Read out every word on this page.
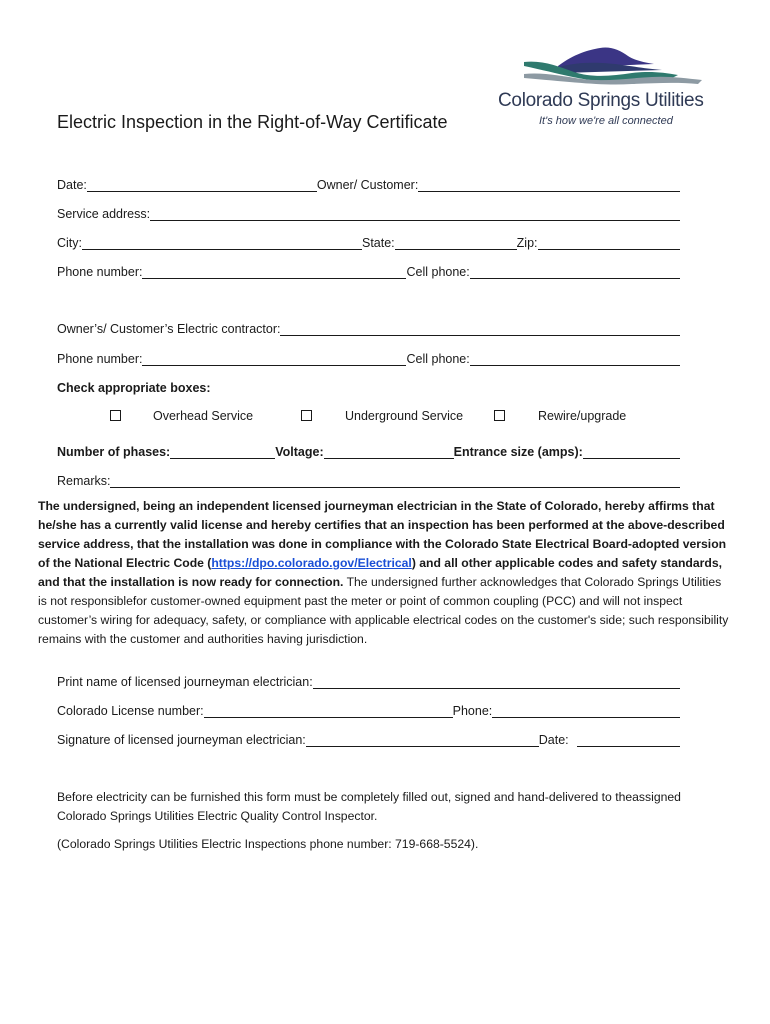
Colorado Springs Utilities
It's how we're all connected
Electric Inspection in the Right-of-Way Certificate
Date:	Owner/ Customer:
Service address:
City:	State:	Zip:
Phone number:	Cell phone:
Owner’s/ Customer’s Electric contractor:
Phone number:	Cell phone:
Check appropriate boxes:
Overhead Service	Underground Service	Rewire/upgrade
Number of phases:	Voltage:	Entrance size (amps):
Remarks:
The undersigned, being an independent licensed journeyman electrician in the State of Colorado, hereby affirms that he/she has a currently valid license and hereby certifies that an inspection has been performed at the above-described service address, that the installation was done in compliance with the Colorado State Electrical Board-adopted version of the National Electric Code (https://dpo.colorado.gov/Electrical) and all other applicable codes and safety standards, and that the installation is now ready for connection. The undersigned further acknowledges that Colorado Springs Utilities is not responsiblefor customer-owned equipment past the meter or point of common coupling (PCC) and will not inspect customer’s wiring for adequacy, safety, or compliance with applicable electrical codes on the customer's side; such responsibility remains with the customer and authorities having jurisdiction.
Print name of licensed journeyman electrician:
Colorado License number:	Phone:
Signature of licensed journeyman electrician:	Date:
Before electricity can be furnished this form must be completely filled out, signed and hand-delivered to theassigned Colorado Springs Utilities Electric Quality Control Inspector.
(Colorado Springs Utilities Electric Inspections phone number: 719-668-5524).
